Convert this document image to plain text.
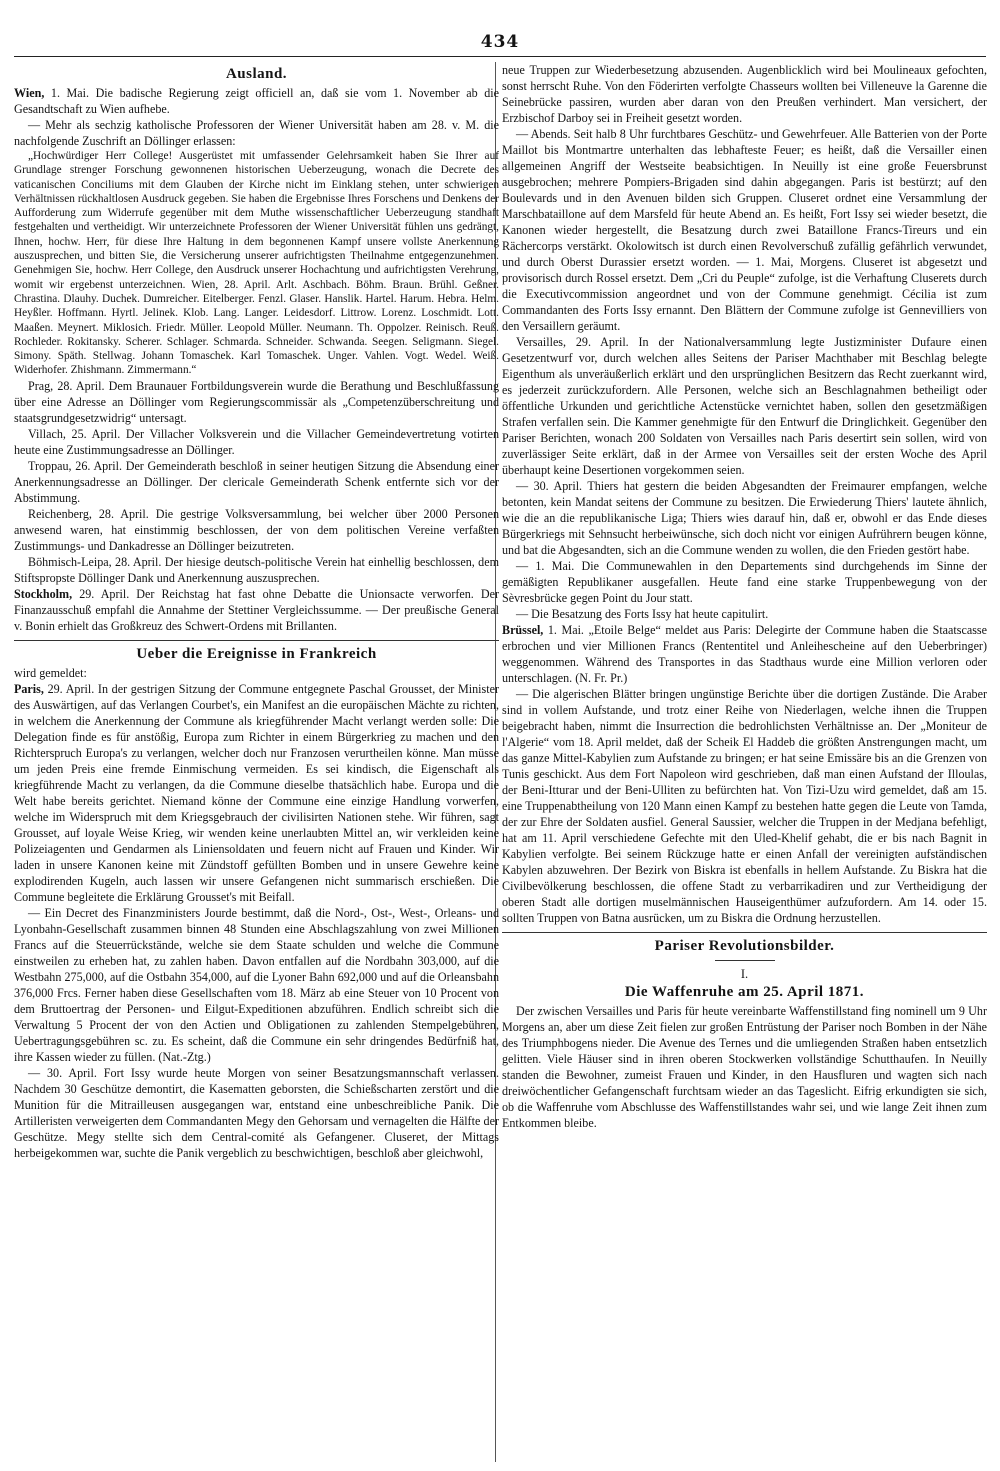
434
Ausland.

Wien, 1. Mai. Die badische Regierung zeigt officiell an, daß sie vom 1. November ab die Gesandtschaft zu Wien aufhebe.

— Mehr als sechzig katholische Professoren der Wiener Universität haben am 28. v. M. die nachfolgende Zuschrift an Döllinger erlassen:

„Hochwürdiger Herr College! Ausgerüstet mit umfassender Gelehrsamkeit haben Sie Ihrer auf Grundlage strenger Forschung gewonnenen historischen Ueberzeugung, wonach die Decrete des vaticanischen Conciliums mit dem Glauben der Kirche nicht im Einklang stehen, unter schwierigen Verhältnissen rückhaltlosen Ausdruck gegeben. Sie haben die Ergebnisse Ihres Forschens und Denkens der Aufforderung zum Widerrufe gegenüber mit dem Muthe wissenschaftlicher Ueberzeugung standhaft festgehalten und vertheidigt. Wir unterzeichnete Professoren der Wiener Universität fühlen uns gedrängt, Ihnen, hochw. Herr, für diese Ihre Haltung in dem begonnenen Kampf unsere vollste Anerkennung auszusprechen, und bitten Sie, die Versicherung unserer aufrichtigsten Theilnahme entgegenzunehmen. Genehmigen Sie, hochw. Herr College, den Ausdruck unserer Hochachtung und aufrichtigsten Verehrung, womit wir ergebenst unterzeichnen. Wien, 28. April. Arlt. Aschbach. Böhm. Braun. Brühl. Geßner. Chrastina. Dlauhy. Duchek. Dumreicher. Eitelberger. Fenzl. Glaser. Hanslik. Hartel. Harum. Hebra. Helm. Heyßler. Hoffmann. Hyrtl. Jelinek. Klob. Lang. Langer. Leidesdorf. Littrow. Lorenz. Loschmidt. Lott. Maaßen. Meynert. Miklosich. Friedr. Müller. Leopold Müller. Neumann. Th. Oppolzer. Reinisch. Reuß. Rochleder. Rokitansky. Scherer. Schlager. Schmarda. Schneider. Schwanda. Seegen. Seligmann. Siegel. Simony. Späth. Stellwag. Johann Tomaschek. Karl Tomaschek. Unger. Vahlen. Vogt. Wedel. Weiß. Widerhofer. Zhishmann. Zimmermann.“

Prag, 28. April. Dem Braunauer Fortbildungsverein wurde die Berathung und Beschlußfassung über eine Adresse an Döllinger vom Regierungscommissär als „Competenzüberschreitung und staatsgrundgesetzwidrig“ untersagt.

Villach, 25. April. Der Villacher Volksverein und die Villacher Gemeindevertretung votirten heute eine Zustimmungsadresse an Döllinger.

Troppau, 26. April. Der Gemeinderath beschloß in seiner heutigen Sitzung die Absendung einer Anerkennungsadresse an Döllinger. Der clericale Gemeinderath Schenk entfernte sich vor der Abstimmung.

Reichenberg, 28. April. Die gestrige Volksversammlung, bei welcher über 2000 Personen anwesend waren, hat einstimmig beschlossen, der von dem politischen Vereine verfaßten Zustimmungs- und Dankadresse an Döllinger beizutreten.

Böhmisch-Leipa, 28. April. Der hiesige deutsch-politische Verein hat einhellig beschlossen, dem Stiftspropste Döllinger Dank und Anerkennung auszusprechen.

Stockholm, 29. April. Der Reichstag hat fast ohne Debatte die Unionsacte verworfen. Der Finanzausschuß empfahl die Annahme der Stettiner Vergleichssumme. — Der preußische General v. Bonin erhielt das Großkreuz des Schwert-Ordens mit Brillanten.

Ueber die Ereignisse in Frankreich

wird gemeldet:

Paris, 29. April. In der gestrigen Sitzung der Commune entgegnete Paschal Grousset, der Minister des Auswärtigen, auf das Verlangen Courbet's, ein Manifest an die europäischen Mächte zu richten, in welchem die Anerkennung der Commune als kriegführender Macht verlangt werden solle: Die Delegation finde es für anstößig, Europa zum Richter in einem Bürgerkrieg zu machen und den Richterspruch Europa's zu verlangen, welcher doch nur Franzosen verurtheilen könne. Man müsse um jeden Preis eine fremde Einmischung vermeiden. Es sei kindisch, die Eigenschaft als kriegführende Macht zu verlangen, da die Commune dieselbe thatsächlich habe. Europa und die Welt habe bereits gerichtet. Niemand könne der Commune eine einzige Handlung vorwerfen, welche im Widerspruch mit dem Kriegsgebrauch der civilisirten Nationen stehe. Wir führen, sagt Grousset, auf loyale Weise Krieg, wir wenden keine unerlaubten Mittel an, wir verkleiden keine Polizeiagenten und Gendarmen als Liniensoldaten und feuern nicht auf Frauen und Kinder. Wir laden in unsere Kanonen keine mit Zündstoff gefüllten Bomben und in unsere Gewehre keine explodirenden Kugeln, auch lassen wir unsere Gefangenen nicht summarisch erschießen. Die Commune begleitete die Erklärung Grousset's mit Beifall.

— Ein Decret des Finanzministers Jourde bestimmt, daß die Nord-, Ost-, West-, Orleans- und Lyonbahn-Gesellschaft zusammen binnen 48 Stunden eine Abschlagszahlung von zwei Millionen Francs auf die Steuerrückstände, welche sie dem Staate schulden und welche die Commune einstweilen zu erheben hat, zu zahlen haben. Davon entfallen auf die Nordbahn 303,000, auf die Westbahn 275,000, auf die Ostbahn 354,000, auf die Lyoner Bahn 692,000 und auf die Orleansbahn 376,000 Frcs. Ferner haben diese Gesellschaften vom 18. März ab eine Steuer von 10 Procent von dem Bruttoertrag der Personen- und Eilgut-Expeditionen abzuführen. Endlich schreibt sich die Verwaltung 5 Procent der von den Actien und Obligationen zu zahlenden Stempelgebühren, Uebertragungsgebühren sc. zu. Es scheint, daß die Commune ein sehr dringendes Bedürfniß hat, ihre Kassen wieder zu füllen. (Nat.-Ztg.)

— 30. April. Fort Issy wurde heute Morgen von seiner Besatzungsmannschaft verlassen. Nachdem 30 Geschütze demontirt, die Kasematten geborsten, die Schießscharten zerstört und die Munition für die Mitrailleusen ausgegangen war, entstand eine unbeschreibliche Panik. Die Artilleristen verweigerten dem Commandanten Megy den Gehorsam und vernagelten die Hälfte der Geschütze. Megy stellte sich dem Central-comité als Gefangener. Cluseret, der Mittags herbeigekommen war, suchte die Panik vergeblich zu beschwichtigen, beschloß aber gleichwohl,

neue Truppen zur Wiederbesetzung abzusenden. Augenblicklich wird bei Moulineaux gefochten, sonst herrscht Ruhe. Von den Föderirten verfolgte Chasseurs wollten bei Villeneuve la Garenne die Seinebrücke passiren, wurden aber daran von den Preußen verhindert. Man versichert, der Erzbischof Darboy sei in Freiheit gesetzt worden.

— Abends. Seit halb 8 Uhr furchtbares Geschütz- und Gewehrfeuer. Alle Batterien von der Porte Maillot bis Montmartre unterhalten das lebhafteste Feuer; es heißt, daß die Versailler einen allgemeinen Angriff der Westseite beabsichtigen. In Neuilly ist eine große Feuersbrunst ausgebrochen; mehrere Pompiers-Brigaden sind dahin abgegangen. Paris ist bestürzt; auf den Boulevards und in den Avenuen bilden sich Gruppen. Cluseret ordnet eine Versammlung der Marschbataillone auf dem Marsfeld für heute Abend an. Es heißt, Fort Issy sei wieder besetzt, die Kanonen wieder hergestellt, die Besatzung durch zwei Bataillone Francs-Tireurs und ein Rächercorps verstärkt. Okolowitsch ist durch einen Revolverschuß zufällig gefährlich verwundet, und durch Oberst Durassier ersetzt worden. — 1. Mai, Morgens. Cluseret ist abgesetzt und provisorisch durch Rossel ersetzt. Dem „Cri du Peuple“ zufolge, ist die Verhaftung Cluserets durch die Executivcommission angeordnet und von der Commune genehmigt. Cécilia ist zum Commandanten des Forts Issy ernannt. Den Blättern der Commune zufolge ist Gennevilliers von den Versaillern geräumt.

Versailles, 29. April. In der Nationalversammlung legte Justizminister Dufaure einen Gesetzentwurf vor, durch welchen alles Seitens der Pariser Machthaber mit Beschlag belegte Eigenthum als unveräußerlich erklärt und den ursprünglichen Besitzern das Recht zuerkannt wird, es jederzeit zurückzufordern. Alle Personen, welche sich an Beschlagnahmen betheiligt oder öffentliche Urkunden und gerichtliche Actenstücke vernichtet haben, sollen den gesetzmäßigen Strafen verfallen sein. Die Kammer genehmigte für den Entwurf die Dringlichkeit. Gegenüber den Pariser Berichten, wonach 200 Soldaten von Versailles nach Paris desertirt sein sollen, wird von zuverlässiger Seite erklärt, daß in der Armee von Versailles seit der ersten Woche des April überhaupt keine Desertionen vorgekommen seien.

— 30. April. Thiers hat gestern die beiden Abgesandten der Freimaurer empfangen, welche betonten, kein Mandat seitens der Commune zu besitzen. Die Erwiederung Thiers' lautete ähnlich, wie die an die republikanische Liga; Thiers wies darauf hin, daß er, obwohl er das Ende dieses Bürgerkriegs mit Sehnsucht herbeiwünsche, sich doch nicht vor einigen Aufrührern beugen könne, und bat die Abgesandten, sich an die Commune wenden zu wollen, die den Frieden gestört habe.

— 1. Mai. Die Communewahlen in den Departements sind durchgehends im Sinne der gemäßigten Republikaner ausgefallen. Heute fand eine starke Truppenbewegung von der Sèvresbrücke gegen Point du Jour statt.

— Die Besatzung des Forts Issy hat heute capitulirt.

Brüssel, 1. Mai. „Etoile Belge“ meldet aus Paris: Delegirte der Commune haben die Staatscasse erbrochen und vier Millionen Francs (Rententitel und Anleihescheine auf den Ueberbringer) weggenommen. Während des Transportes in das Stadthaus wurde eine Million verloren oder unterschlagen. (N. Fr. Pr.)

— Die algerischen Blätter bringen ungünstige Berichte über die dortigen Zustände. Die Araber sind in vollem Aufstande, und trotz einer Reihe von Niederlagen, welche ihnen die Truppen beigebracht haben, nimmt die Insurrection die bedrohlichsten Verhältnisse an. Der „Moniteur de l'Algerie“ vom 18. April meldet, daß der Scheik El Haddeb die größten Anstrengungen macht, um das ganze Mittel-Kabylien zum Aufstande zu bringen; er hat seine Emissäre bis an die Grenzen von Tunis geschickt. Aus dem Fort Napoleon wird geschrieben, daß man einen Aufstand der Illoulas, der Beni-Itturar und der Beni-Ulliten zu befürchten hat. Von Tizi-Uzu wird gemeldet, daß am 15. eine Truppenabtheilung von 120 Mann einen Kampf zu bestehen hatte gegen die Leute von Tamda, der zur Ehre der Soldaten ausfiel. General Saussier, welcher die Truppen in der Medjana befehligt, hat am 11. April verschiedene Gefechte mit den Uled-Khelif gehabt, die er bis nach Bagnit in Kabylien verfolgte. Bei seinem Rückzuge hatte er einen Anfall der vereinigten aufständischen Kabylen abzuwehren. Der Bezirk von Biskra ist ebenfalls in hellem Aufstande. Zu Biskra hat die Civilbevölkerung beschlossen, die offene Stadt zu verbarrikadiren und zur Vertheidigung der oberen Stadt alle dortigen muselmännischen Hauseigenthümer aufzufordern. Am 14. oder 15. sollten Truppen von Batna ausrücken, um zu Biskra die Ordnung herzustellen.

Pariser Revolutionsbilder.
I.
Die Waffenruhe am 25. April 1871.

Der zwischen Versailles und Paris für heute vereinbarte Waffenstillstand fing nominell um 9 Uhr Morgens an, aber um diese Zeit fielen zur großen Entrüstung der Pariser noch Bomben in der Nähe des Triumphbogens nieder. Die Avenue des Ternes und die umliegenden Straßen haben entsetzlich gelitten. Viele Häuser sind in ihren oberen Stockwerken vollständige Schutthaufen. In Neuilly standen die Bewohner, zumeist Frauen und Kinder, in den Hausfluren und wagten sich nach dreiwöchentlicher Gefangenschaft furchtsam wieder an das Tageslicht. Eifrig erkundigten sie sich, ob die Waffenruhe vom Abschlusse des Waffenstillstandes wahr sei, und wie lange Zeit ihnen zum Entkommen bleibe.
